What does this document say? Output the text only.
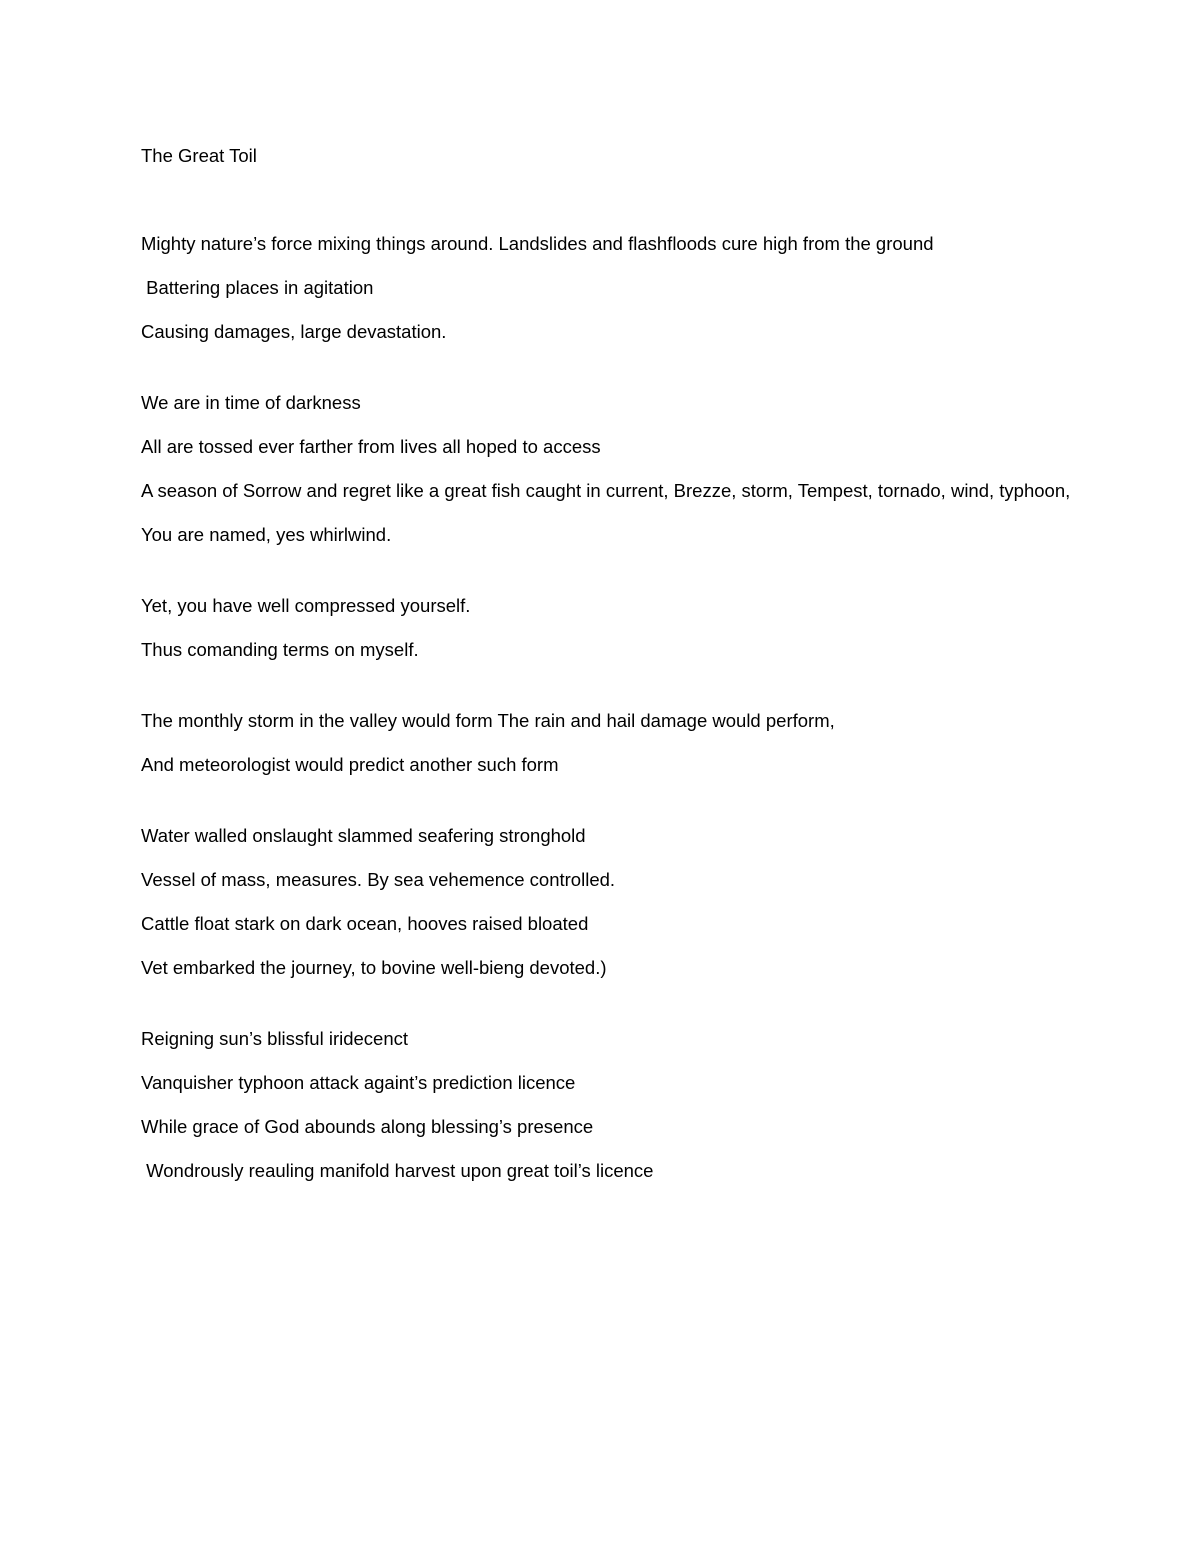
The Great Toil
Mighty nature’s force mixing things around. Landslides and flashfloods cure high from the ground
Battering places in agitation
Causing damages, large devastation.
We are in time of darkness
All are tossed ever farther from lives all hoped to access
A season of Sorrow and regret like a great fish caught in current, Brezze, storm, Tempest, tornado, wind, typhoon,
You are named, yes whirlwind.
Yet, you have well compressed yourself.
Thus comanding terms on myself.
The monthly storm in the valley would form The rain and hail damage would perform,
And meteorologist would predict another such form
Water walled onslaught slammed seafering stronghold
Vessel of mass, measures. By sea vehemence controlled.
Cattle float stark on dark ocean, hooves raised bloated
Vet embarked the journey, to bovine well-bieng devoted.)
Reigning sun’s blissful iridecenct
Vanquisher typhoon attack againt’s prediction licence
While grace of God abounds along blessing’s presence
Wondrously reauling manifold harvest upon great toil’s licence
